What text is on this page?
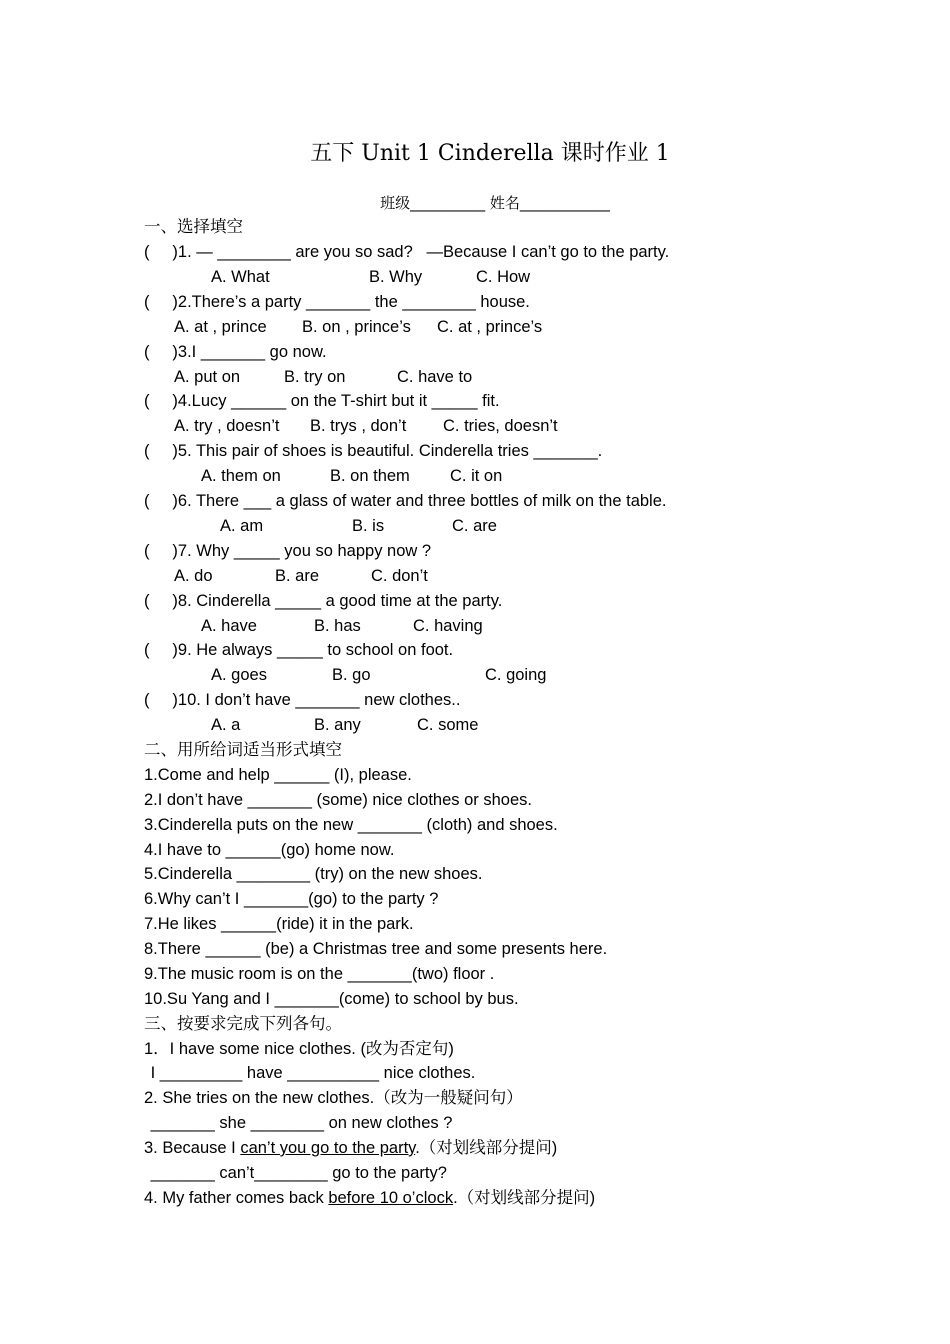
五下 Unit 1 Cinderella 课时作业 1
班级__________ 姓名____________
一、选择填空
(     )1. — ________ are you so sad?   —Because I can’t go to the party.
A. What	B. Why	C. How
(     )2.There’s a party _______ the ________ house.
A. at , prince B. on , prince’s C. at , prince’s
(     )3.I _______ go now.
A. put on	B. try on	C. have to
(     )4.Lucy ______ on the T-shirt but it _____ fit.
A. try , doesn’t B. trys , don’t C. tries, doesn’t
(     )5. This pair of shoes is beautiful. Cinderella tries _______.
A. them on	B. on them C. it on
(     )6. There ___ a glass of water and three bottles of milk on the table.
A. am	B. is	C. are
(     )7. Why _____ you so happy now ?
A. do	B. are	C. don’t
(     )8. Cinderella _____ a good time at the party.
A. have	B. has	C. having
(     )9. He always _____ to school on foot.
A. goes	B. go	C. going
(     )10. I don’t have _______ new clothes..
A. a	B. any	C. some
二、用所给词适当形式填空
1.Come and help ______ (I), please.
2.I don’t have _______ (some) nice clothes or shoes.
3.Cinderella puts on the new _______ (cloth) and shoes.
4.I have to ______(go) home now.
5.Cinderella ________ (try) on the new shoes.
6.Why can’t I _______(go) to the party ?
7.He likes ______(ride) it in the park.
8.There ______ (be) a Christmas tree and some presents here.
9.The music room is on the _______(two) floor .
10.Su Yang and I _______(come) to school by bus.
三、按要求完成下列各句。
1．I have some nice clothes. (改为否定句)
I _________ have __________ nice clothes.
2. She tries on the new clothes.（改为一般疑问句）
_______ she ________ on new clothes ?
3. Because I can’t you go to the party.（对划线部分提问)
_______ can’t________ go to the party?
4. My father comes back before 10 o’clock.（对划线部分提问)
